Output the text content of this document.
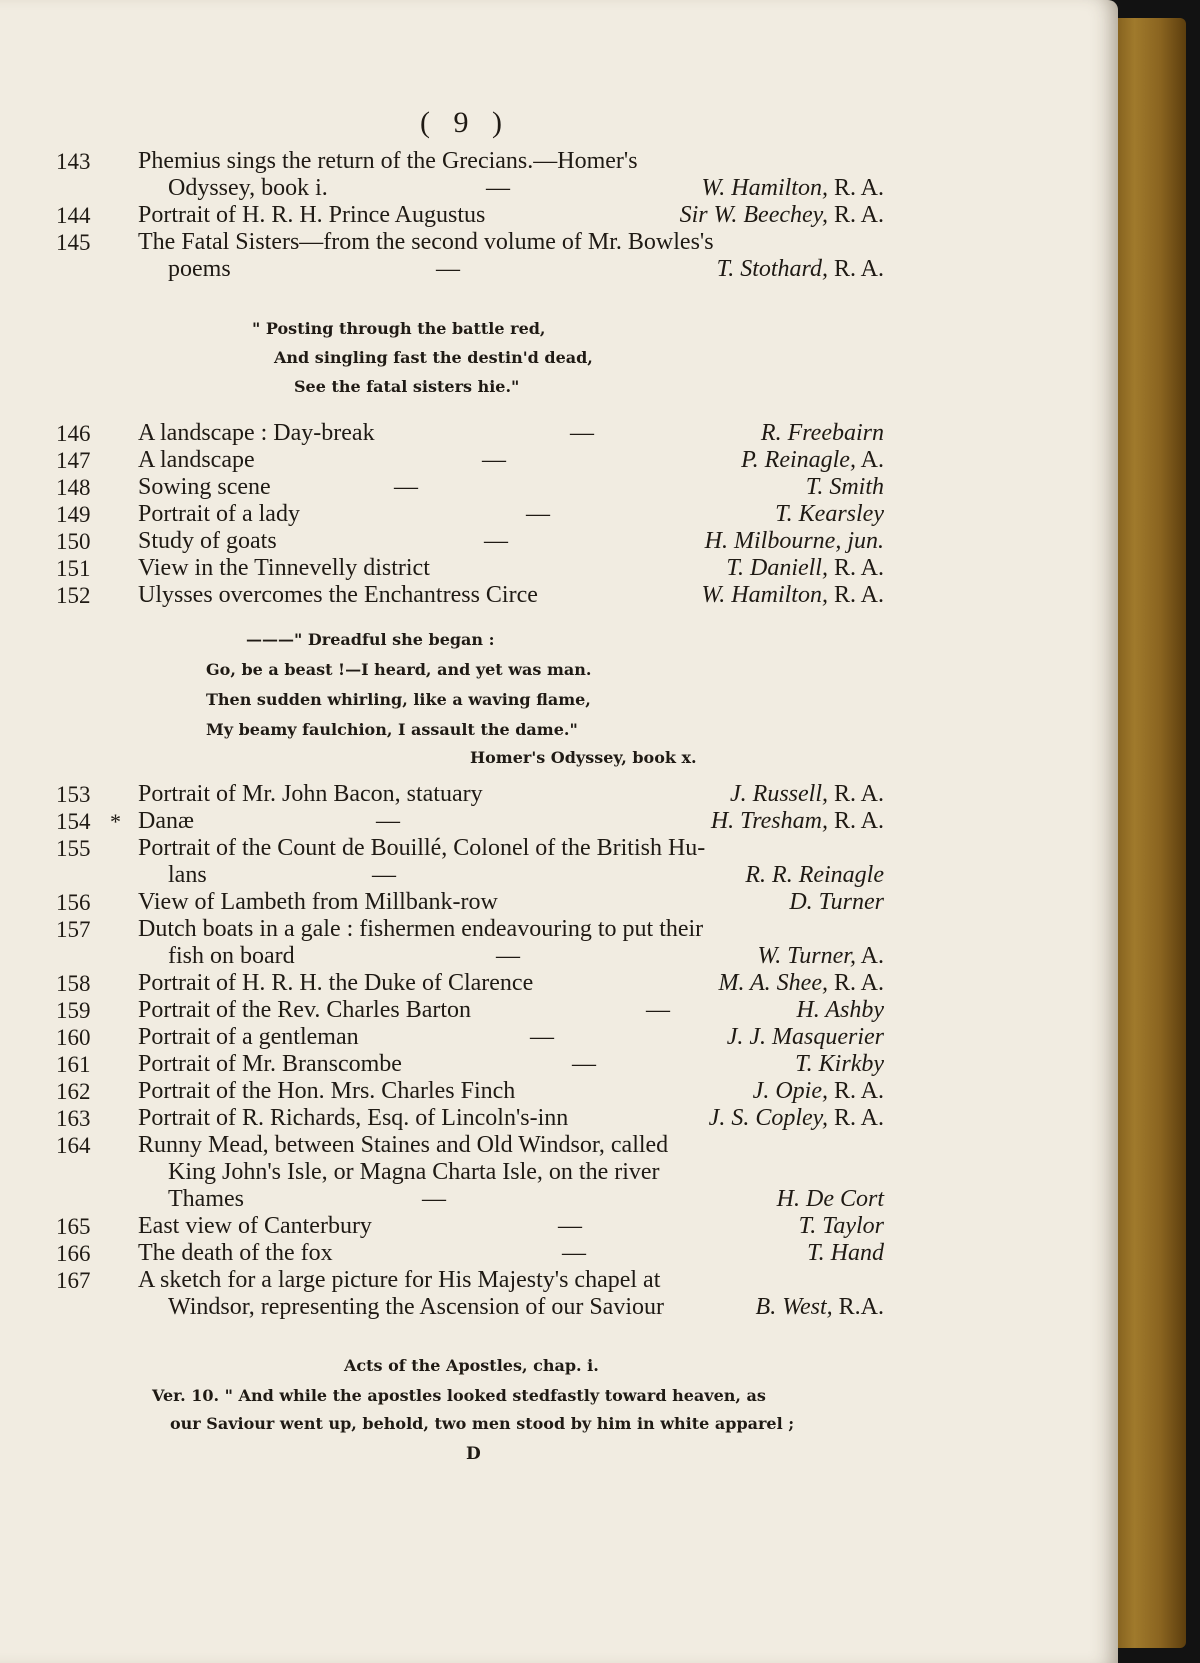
( 9 )
143 Phemius sings the return of the Grecians.—Homer's
Odyssey, book i.	—	W. Hamilton, R. A.
144 Portrait of H. R. H. Prince Augustus	Sir W. Beechey, R. A.
145 The Fatal Sisters—from the second volume of Mr. Bowles's
poems	—	T. Stothard, R. A.
" Posting through the battle red,
And singling fast the destin'd dead,
See the fatal sisters hie."
146 A landscape : Day-break	—	R. Freebairn
147 A landscape	—	P. Reinagle, A.
148 Sowing scene	—	T. Smith
149 Portrait of a lady	—	T. Kearsley
150 Study of goats	—	H. Milbourne, jun.
151 View in the Tinnevelly district	T. Daniell, R. A.
152 Ulysses overcomes the Enchantress Circe	W. Hamilton, R. A.
———" Dreadful she began :
Go, be a beast !—I heard, and yet was man.
Then sudden whirling, like a waving flame,
My beamy faulchion, I assault the dame."
Homer's Odyssey, book x.
153 Portrait of Mr. John Bacon, statuary	J. Russell, R. A.
154 * Danæ	—	H. Tresham, R. A.
155 Portrait of the Count de Bouillé, Colonel of the British Hu-
lans	—	R. R. Reinagle
156 View of Lambeth from Millbank-row	D. Turner
157 Dutch boats in a gale : fishermen endeavouring to put their
fish on board	—	W. Turner, A.
158 Portrait of H. R. H. the Duke of Clarence	M. A. Shee, R. A.
159 Portrait of the Rev. Charles Barton	—	H. Ashby
160 Portrait of a gentleman	—	J. J. Masquerier
161 Portrait of Mr. Branscombe	—	T. Kirkby
162 Portrait of the Hon. Mrs. Charles Finch	J. Opie, R. A.
163 Portrait of R. Richards, Esq. of Lincoln's-inn	J. S. Copley, R. A.
164 Runny Mead, between Staines and Old Windsor, called
King John's Isle, or Magna Charta Isle, on the river
Thames	—	H. De Cort
165 East view of Canterbury	—	T. Taylor
166 The death of the fox	—	T. Hand
167 A sketch for a large picture for His Majesty's chapel at
Windsor, representing the Ascension of our Saviour	B. West, R.A.
Acts of the Apostles, chap. i.
Ver. 10. " And while the apostles looked stedfastly toward heaven, as
our Saviour went up, behold, two men stood by him in white apparel ;
D
